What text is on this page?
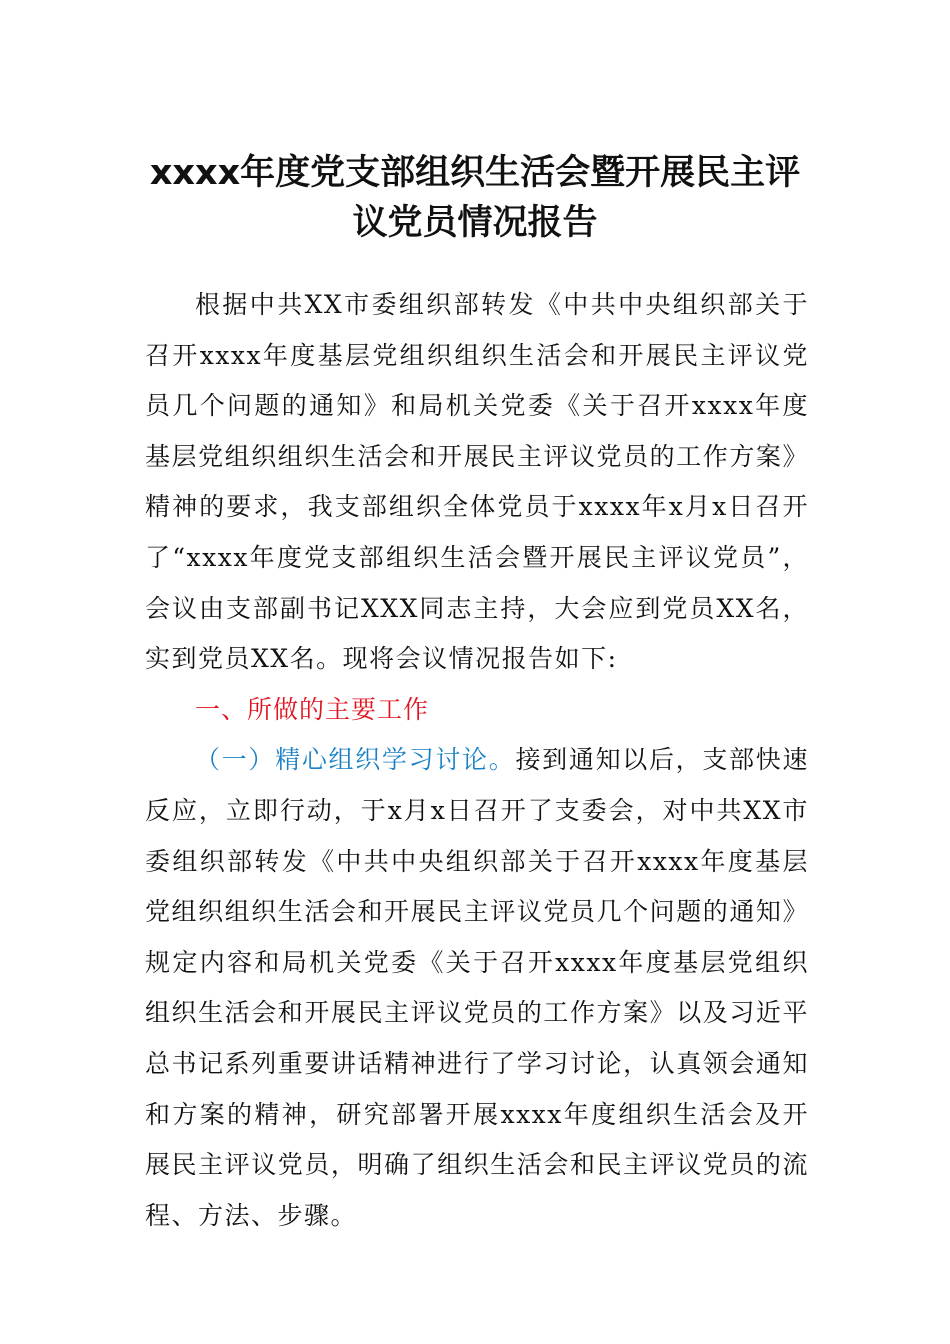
xxxx年度党支部组织生活会暨开展民主评
议党员情况报告

根据中共XX市委组织部转发《中共中央组织部关于召开xxxx年度基层党组织组织生活会和开展民主评议党员几个问题的通知》和局机关党委《关于召开xxxx年度基层党组织组织生活会和开展民主评议党员的工作方案》精神的要求，我支部组织全体党员于xxxx年x月x日召开了“xxxx年度党支部组织生活会暨开展民主评议党员”，会议由支部副书记XXX同志主持，大会应到党员XX名，实到党员XX名。现将会议情况报告如下:

一、所做的主要工作

（一）精心组织学习讨论。接到通知以后，支部快速反应，立即行动，于x月x日召开了支委会，对中共XX市委组织部转发《中共中央组织部关于召开xxxx年度基层党组织组织生活会和开展民主评议党员几个问题的通知》规定内容和局机关党委《关于召开xxxx年度基层党组织组织生活会和开展民主评议党员的工作方案》以及习近平总书记系列重要讲话精神进行了学习讨论，认真领会通知和方案的精神，研究部署开展xxxx年度组织生活会及开展民主评议党员，明确了组织生活会和民主评议党员的流程、方法、步骤。
